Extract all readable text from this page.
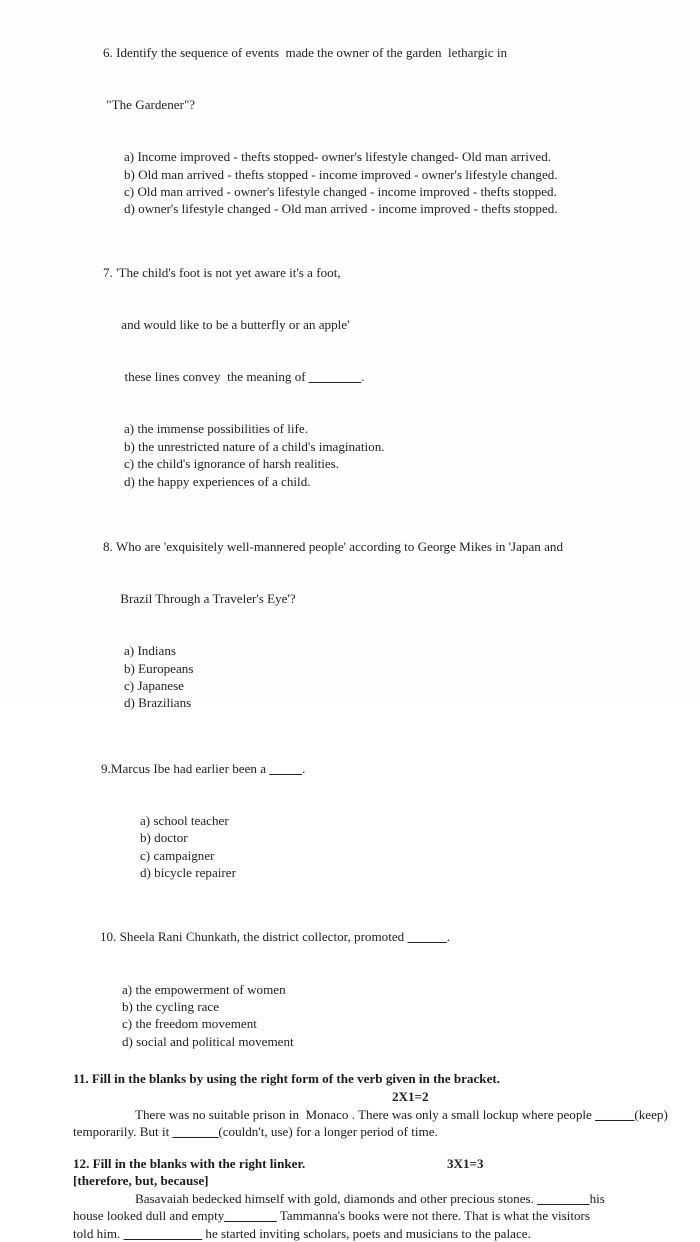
6. Identify the sequence of events  made the owner of the garden  lethargic in

"The Gardener"?

a) Income improved - thefts stopped- owner's lifestyle changed- Old man arrived.
b) Old man arrived - thefts stopped - income improved - owner's lifestyle changed.
c) Old man arrived - owner's lifestyle changed - income improved - thefts stopped.
d) owner's lifestyle changed - Old man arrived - income improved - thefts stopped.

7. 'The child's foot is not yet aware it's a foot,

and would like to be a butterfly or an apple'

these lines convey  the meaning of ________.

a) the immense possibilities of life.
b) the unrestricted nature of a child's imagination.
c) the child's ignorance of harsh realities.
d) the happy experiences of a child.

8. Who are 'exquisitely well-mannered people' according to George Mikes in 'Japan and

Brazil Through a Traveler's Eye'?

a) Indians
b) Europeans
c) Japanese
d) Brazilians

9.Marcus Ibe had earlier been a _____.

a) school teacher
b) doctor
c) campaigner
d) bicycle repairer

10. Sheela Rani Chunkath, the district collector, promoted ______.

a) the empowerment of women
b) the cycling race
c) the freedom movement
d) social and political movement
11. Fill in the blanks by using the right form of the verb given in the bracket.
2X1=2
There was no suitable prison in  Monaco . There was only a small lockup where people ______(keep) temporarily. But it _______(couldn't, use) for a longer period of time.
12. Fill in the blanks with the right linker.	3X1=3
[therefore, but, because]
Basavaiah bedecked himself with gold, diamonds and other precious stones. ________his house looked dull and empty________ Tammanna's books were not there. That is what the visitors told him. ____________ he started inviting scholars, poets and musicians to the palace.
